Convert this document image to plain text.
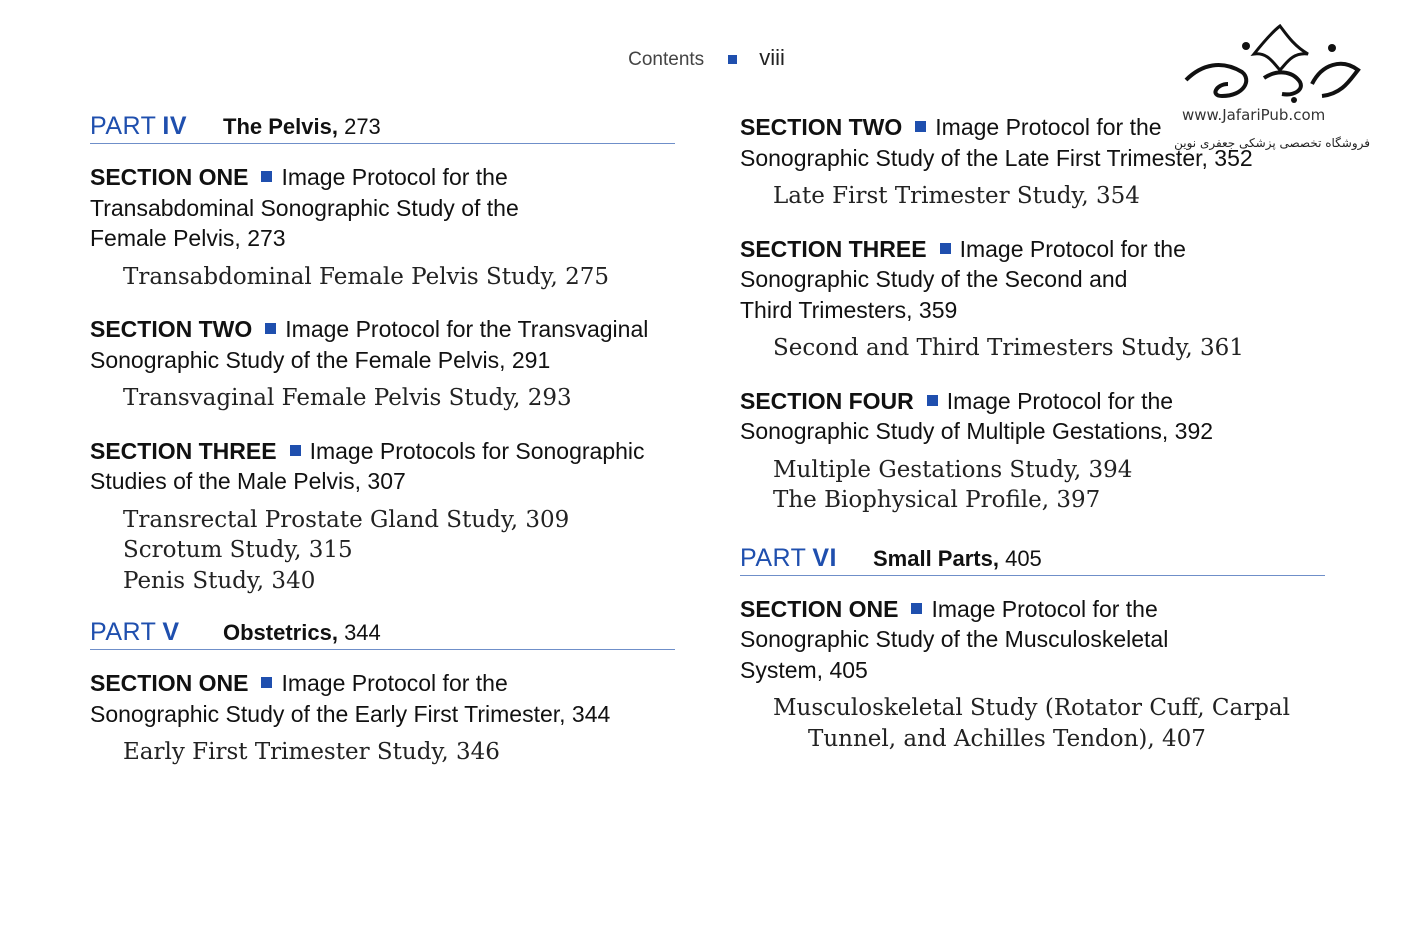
Contents	viii
www.JafariPub.com
فروشگاه تخصصی پزشکی جعفری نوین
PART IV	The Pelvis, 273

SECTION ONE Image Protocol for the
Transabdominal Sonographic Study of the
Female Pelvis, 273

Transabdominal Female Pelvis Study, 275

SECTION TWO Image Protocol for the Transvaginal
Sonographic Study of the Female Pelvis, 291

Transvaginal Female Pelvis Study, 293

SECTION THREE Image Protocols for Sonographic
Studies of the Male Pelvis, 307

Transrectal Prostate Gland Study, 309
Scrotum Study, 315
Penis Study, 340
PART V	Obstetrics, 344

SECTION ONE Image Protocol for the
Sonographic Study of the Early First Trimester, 344

Early First Trimester Study, 346

SECTION TWO Image Protocol for the
Sonographic Study of the Late First Trimester, 352

Late First Trimester Study, 354

SECTION THREE Image Protocol for the
Sonographic Study of the Second and
Third Trimesters, 359

Second and Third Trimesters Study, 361

SECTION FOUR Image Protocol for the
Sonographic Study of Multiple Gestations, 392

Multiple Gestations Study, 394
The Biophysical Profile, 397
PART VI	Small Parts, 405

SECTION ONE Image Protocol for the
Sonographic Study of the Musculoskeletal
System, 405

Musculoskeletal Study (Rotator Cuff, Carpal Tunnel, and Achilles Tendon), 407
